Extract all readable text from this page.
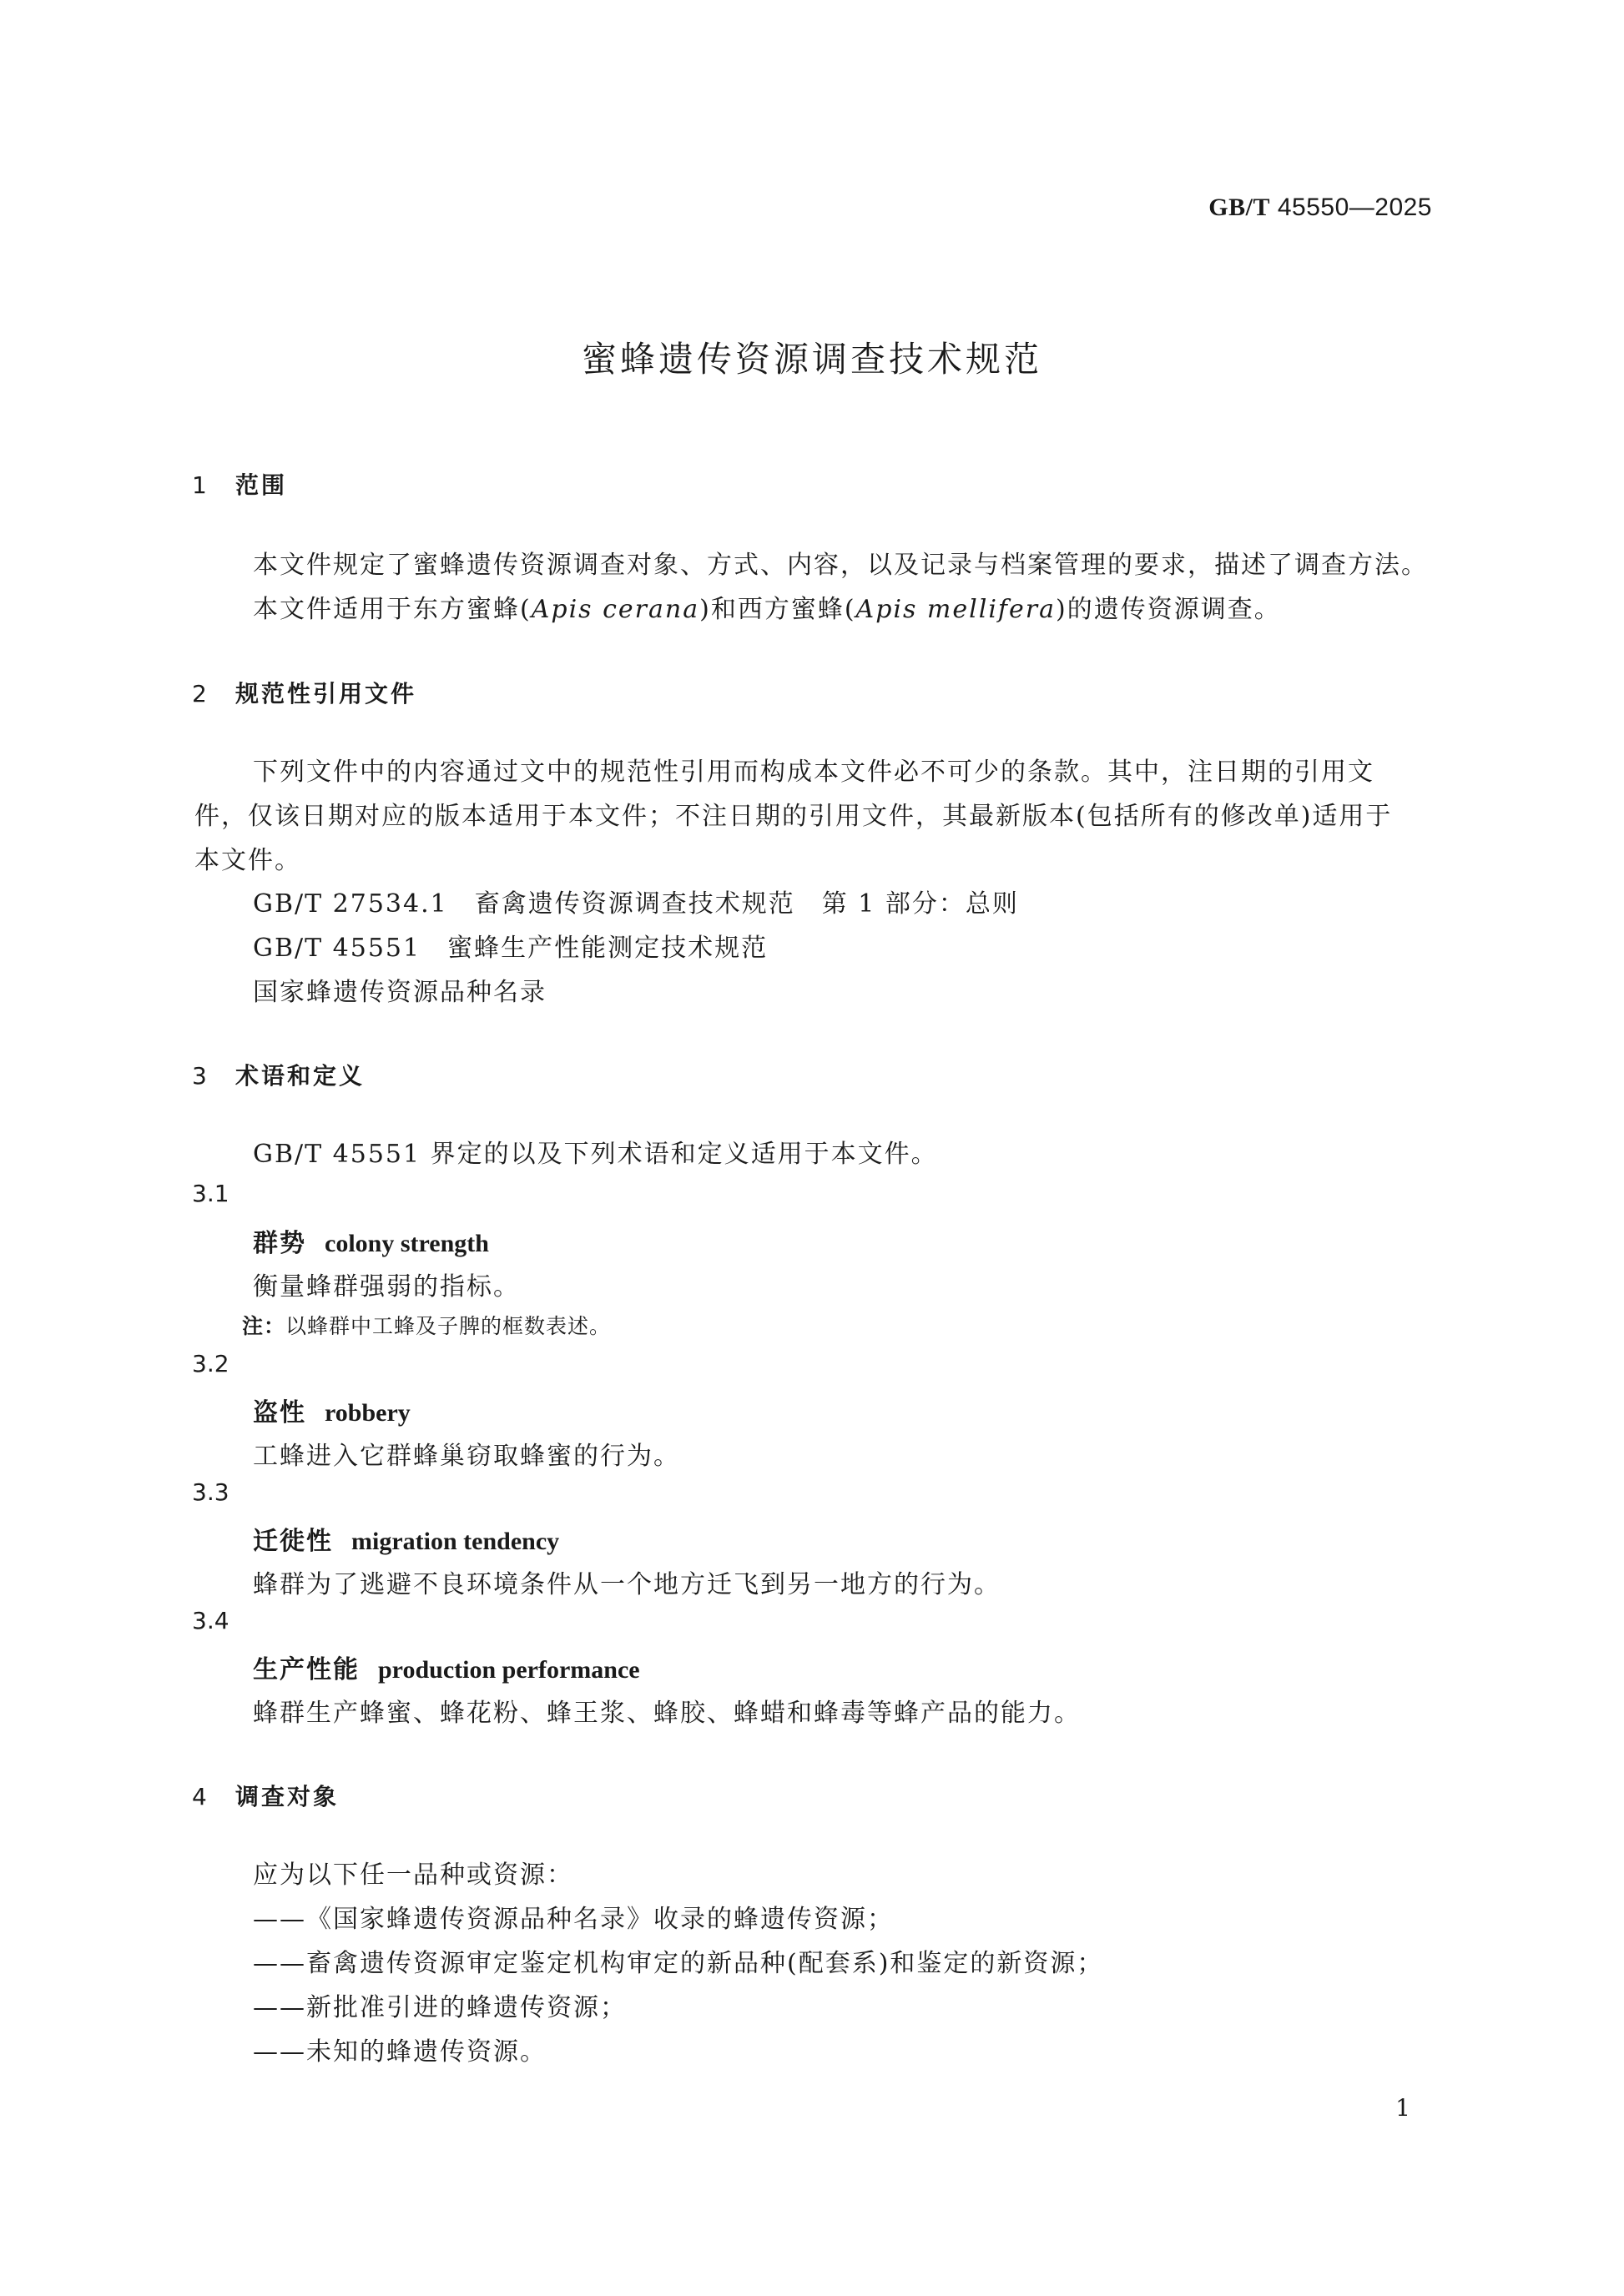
GB/T 45550—2025
蜜蜂遗传资源调查技术规范
1 范围
本文件规定了蜜蜂遗传资源调查对象、方式、内容，以及记录与档案管理的要求，描述了调查方法。
本文件适用于东方蜜蜂(Apis cerana)和西方蜜蜂(Apis mellifera)的遗传资源调查。
2 规范性引用文件
下列文件中的内容通过文中的规范性引用而构成本文件必不可少的条款。其中，注日期的引用文
件，仅该日期对应的版本适用于本文件；不注日期的引用文件，其最新版本(包括所有的修改单)适用于
本文件。
GB/T 27534.1　畜禽遗传资源调查技术规范　第 1 部分：总则
GB/T 45551　蜜蜂生产性能测定技术规范
国家蜂遗传资源品种名录
3 术语和定义
GB/T 45551 界定的以及下列术语和定义适用于本文件。
3.1
群势 colony strength
衡量蜂群强弱的指标。
注：以蜂群中工蜂及子脾的框数表述。
3.2
盗性 robbery
工蜂进入它群蜂巢窃取蜂蜜的行为。
3.3
迁徙性 migration tendency
蜂群为了逃避不良环境条件从一个地方迁飞到另一地方的行为。
3.4
生产性能 production performance
蜂群生产蜂蜜、蜂花粉、蜂王浆、蜂胶、蜂蜡和蜂毒等蜂产品的能力。
4 调查对象
应为以下任一品种或资源：
——《国家蜂遗传资源品种名录》收录的蜂遗传资源；
——畜禽遗传资源审定鉴定机构审定的新品种(配套系)和鉴定的新资源；
——新批准引进的蜂遗传资源；
——未知的蜂遗传资源。
1
